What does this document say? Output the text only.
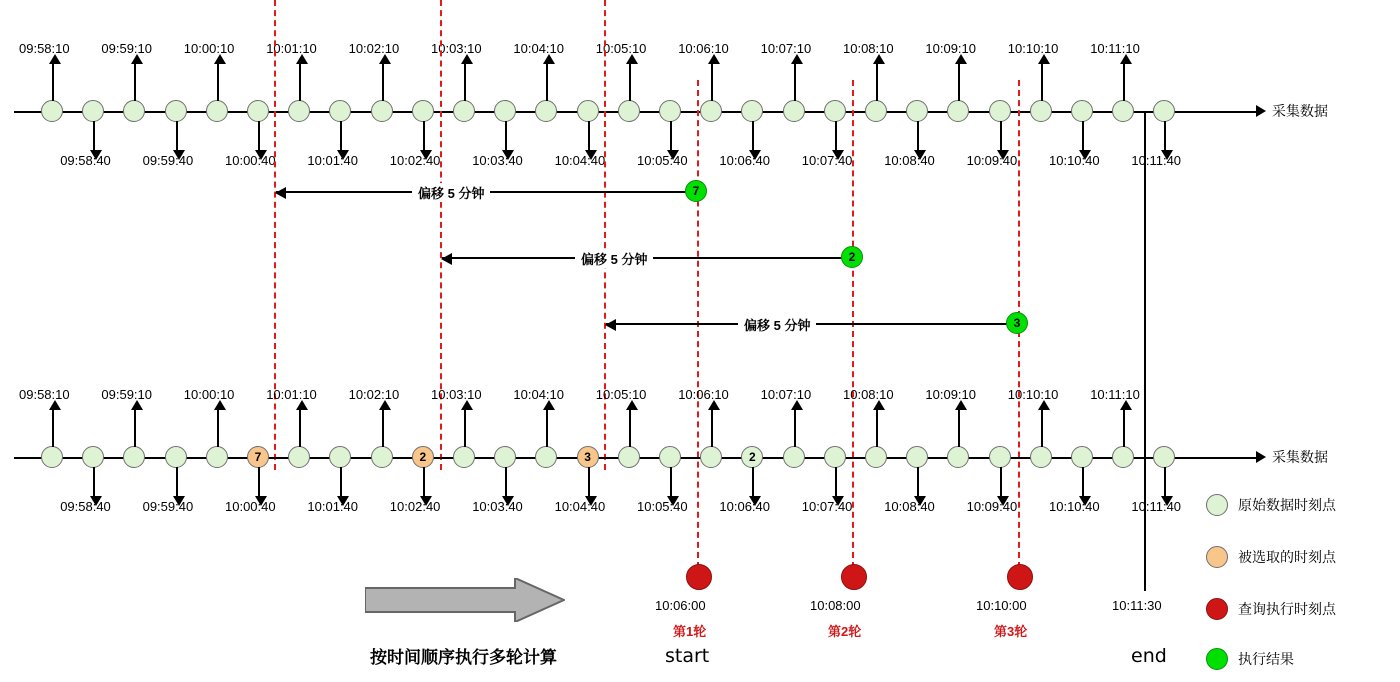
采集数据
09:58:10 09:59:10 10:00:10 10:01:10 10:02:10 10:03:10 10:04:10 10:05:10 10:06:10 10:07:10 10:08:10 10:09:10 10:10:10 10:11:10
09:58:40 09:59:40 10:00:40 10:01:40 10:02:40 10:03:40 10:04:40 10:05:40 10:06:40 10:07:40 10:08:40 10:09:40 10:10:40 10:11:40
偏移 5 分钟	7
偏移 5 分钟	2
偏移 5 分钟	3
采集数据
09:58:10 09:59:10 10:00:10 10:01:10 10:02:10 10:03:10 10:04:10 10:05:10 10:06:10 10:07:10 10:08:10 10:09:10 10:10:10 10:11:10
09:58:40 09:59:40 10:00:40 10:01:40 10:02:40 10:03:40 10:04:40 10:05:40 10:06:40 10:07:40 10:08:40 10:09:40 10:10:40 10:11:40
7	2	3	2
10:06:00
第1轮
10:08:00
第2轮
10:10:00
第3轮
10:11:30
start	end
按时间顺序执行多轮计算
原始数据时刻点
被选取的时刻点
查询执行时刻点
执行结果
